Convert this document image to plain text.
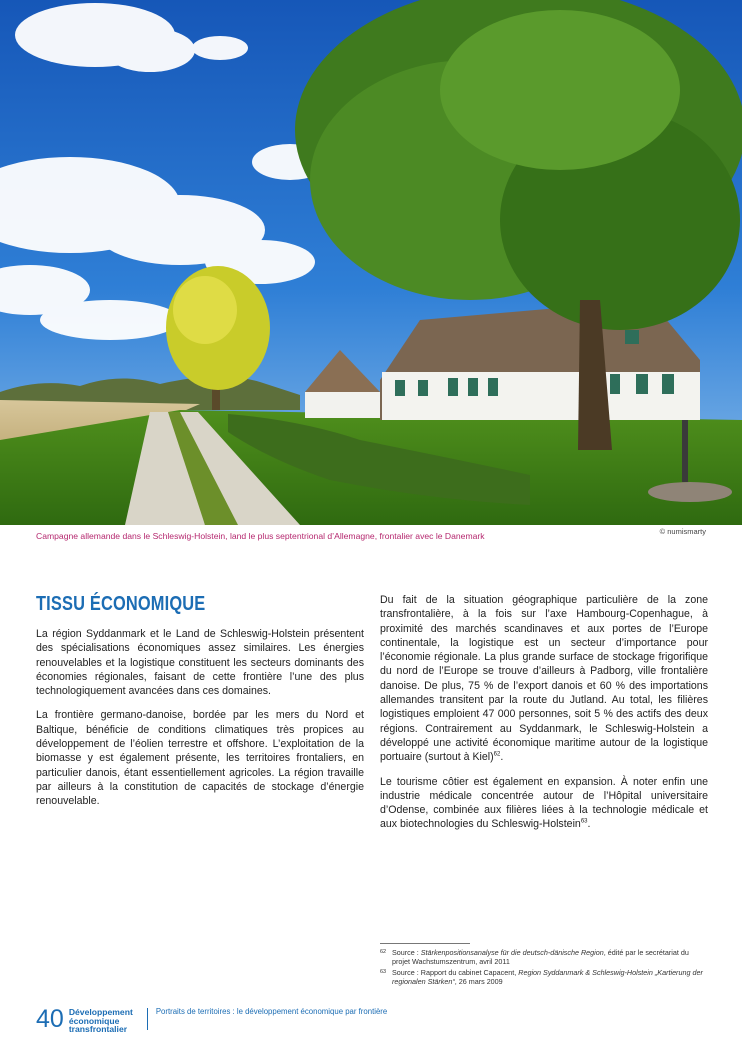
Campagne allemande dans le Schleswig-Holstein, land le plus septentrional d’Allemagne, frontalier avec le Danemark	© numismarty
TISSU ÉCONOMIQUE

La région Syddanmark et le Land de Schleswig-Holstein présentent des spécialisations économiques assez similaires. Les énergies renouvelables et la logistique constituent les secteurs dominants des économies régionales, faisant de cette frontière l’une des plus technologiquement avancées dans ces domaines.

La frontière germano-danoise, bordée par les mers du Nord et Baltique, bénéficie de conditions climatiques très propices au développement de l’éolien terrestre et offshore. L’exploitation de la biomasse y est également présente, les territoires frontaliers, en particulier danois, étant essentiellement agricoles. La région travaille par ailleurs à la constitution de capacités de stockage d’énergie renouvelable.

Du fait de la situation géographique particulière de la zone transfrontalière, à la fois sur l’axe Hambourg-Copenhague, à proximité des marchés scandinaves et aux portes de l’Europe continentale, la logistique est un secteur d’importance pour l’économie régionale. La plus grande surface de stockage frigorifique du nord de l’Europe se trouve d’ailleurs à Padborg, ville frontalière danoise. De plus, 75 % de l’export danois et 60 % des importations allemandes transitent par la route du Jutland. Au total, les filières logistiques emploient 47 000 personnes, soit 5 % des actifs des deux régions. Contrairement au Syddanmark, le Schleswig-Holstein a développé une activité économique maritime autour de la logistique portuaire (surtout à Kiel)$^{62}$.

Le tourisme côtier est également en expansion. À noter enfin une industrie médicale concentrée autour de l’Hôpital universitaire d’Odense, combinée aux filières liées à la technologie médicale et aux biotechnologies du Schleswig-Holstein$^{63}$.

62 Source : Stärkenpositionsanalyse für die deutsch-dänische Region, édité par le secrétariat du projet Wachstumszentrum, avril 2011
63 Source : Rapport du cabinet Capacent, Region Syddanmark & Schleswig-Holstein „Kartierung der regionalen Stärken“, 26 mars 2009
40 Développement
économique
transfrontalier
Portraits de territoires : le développement économique par frontière
